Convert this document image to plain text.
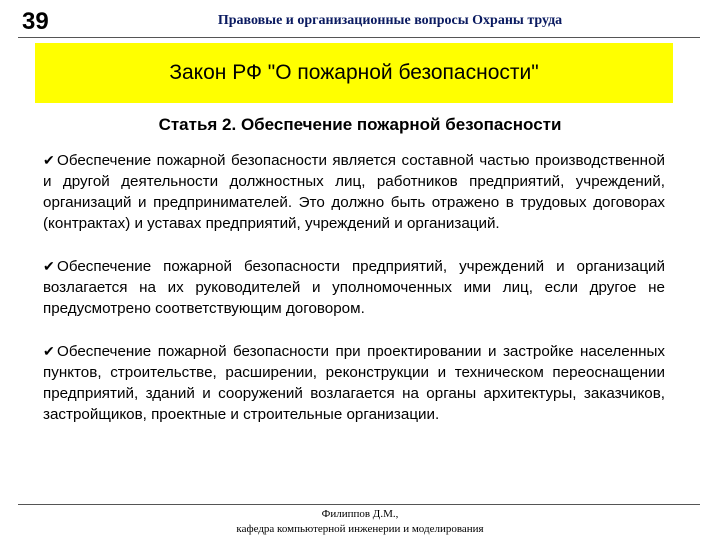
39	Правовые и организационные вопросы Охраны труда
Закон РФ "О пожарной безопасности"
Статья 2. Обеспечение пожарной безопасности

✔ Обеспечение пожарной безопасности является составной частью производственной и другой деятельности должностных лиц, работников предприятий, учреждений, организаций и предпринимателей. Это должно быть отражено в трудовых договорах (контрактах) и уставах предприятий, учреждений и организаций.

✔ Обеспечение пожарной безопасности предприятий, учреждений и организаций возлагается на их руководителей и уполномоченных ими лиц, если другое не предусмотрено соответствующим договором.

✔ Обеспечение пожарной безопасности при проектировании и застройке населенных пунктов, строительстве, расширении, реконструкции и техническом переоснащении предприятий, зданий и сооружений возлагается на органы архитектуры, заказчиков, застройщиков, проектные и строительные организации.

Филиппов Д.М.,
кафедра компьютерной инженерии и моделирования
